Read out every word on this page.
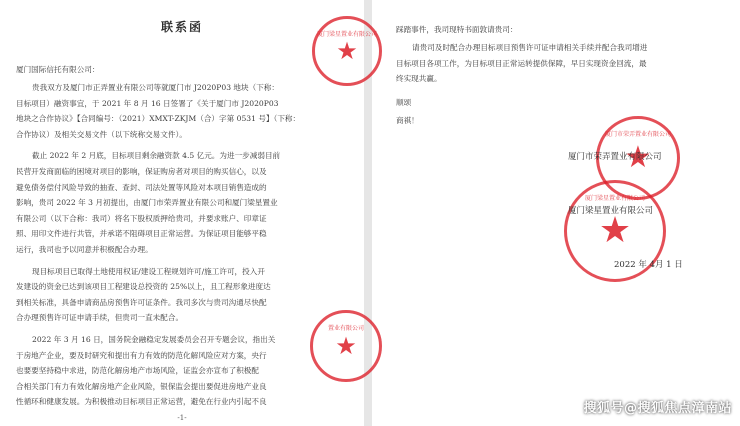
联系函
厦门国际信托有限公司：

贵我双方及厦门市正弄置业有限公司等就厦门市 J2020P03 地块（下称：
目标项目）融资事宜，于 2021 年 8 月 16 日签署了《关于厦门市 J2020P03
地块之合作协议》【合同编号：（2021）XMXT-ZKJM（合）字第 0531 号】（下称：
合作协议）及相关交易文件（以下统称交易文件）。

截止 2022 年 2 月底，目标项目剩余融资款 4.5 亿元。为进一步减弱目前
民营开发商面临的困境对项目的影响，保证购房者对项目的购买信心，以及
避免债务偿付风险导致的抽查、查封、司法处置等风险对本项目销售造成的
影响，贵司 2022 年 3 月初提出，由厦门市荣弄置业有限公司和厦门梁星置业
有限公司（以下合称：我司）将名下股权质押给贵司，并要求账户、印章证
照、用印文件进行共管，并承诺不阻碍项目正常运营。为保证项目能够平稳
运行，我司也予以同意并积极配合办理。

现目标项目已取得土地使用权证/建设工程规划许可/施工许可，投入开
发建设的资金已达到该项目工程建设总投资的 25%以上，且工程形象进度达
到相关标准，具备申请商品房预售许可证条件。我司多次与贵司沟通尽快配
合办理预售许可证申请手续，但贵司一直未配合。

2022 年 3 月 16 日，国务院金融稳定发展委员会召开专题会议，指出关
于房地产企业，要及时研究和提出有力有效的防范化解风险应对方案，央行
也要要坚持稳中求进，防范化解房地产市场风险，证监会亦宣布了积极配
合相关部门有力有效化解房地产企业风险，银保监会提出要促进房地产业良
性循环和健康发展。为积极推动目标项目正常运营，避免在行业内引起不良

-1-
踩踏事件，我司现特书面敦请贵司：
请贵司及时配合办理目标项目预售许可证申请相关手续并配合我司增进
目标项目各项工作，为目标项目正常运转提供保障，早日实现资金回流，最
终实现共赢。
顺颂
商祺！
厦门市荣弄置业有限公司
★
厦门梁星置业有限公司
★
厦门市荣弄置业有限公司
厦门梁星置业有限公司
2022 年 4月 1 日
厦门梁星置业有限公司
★
置业有限公司
★
搜狐号@搜狐焦点漳南站
